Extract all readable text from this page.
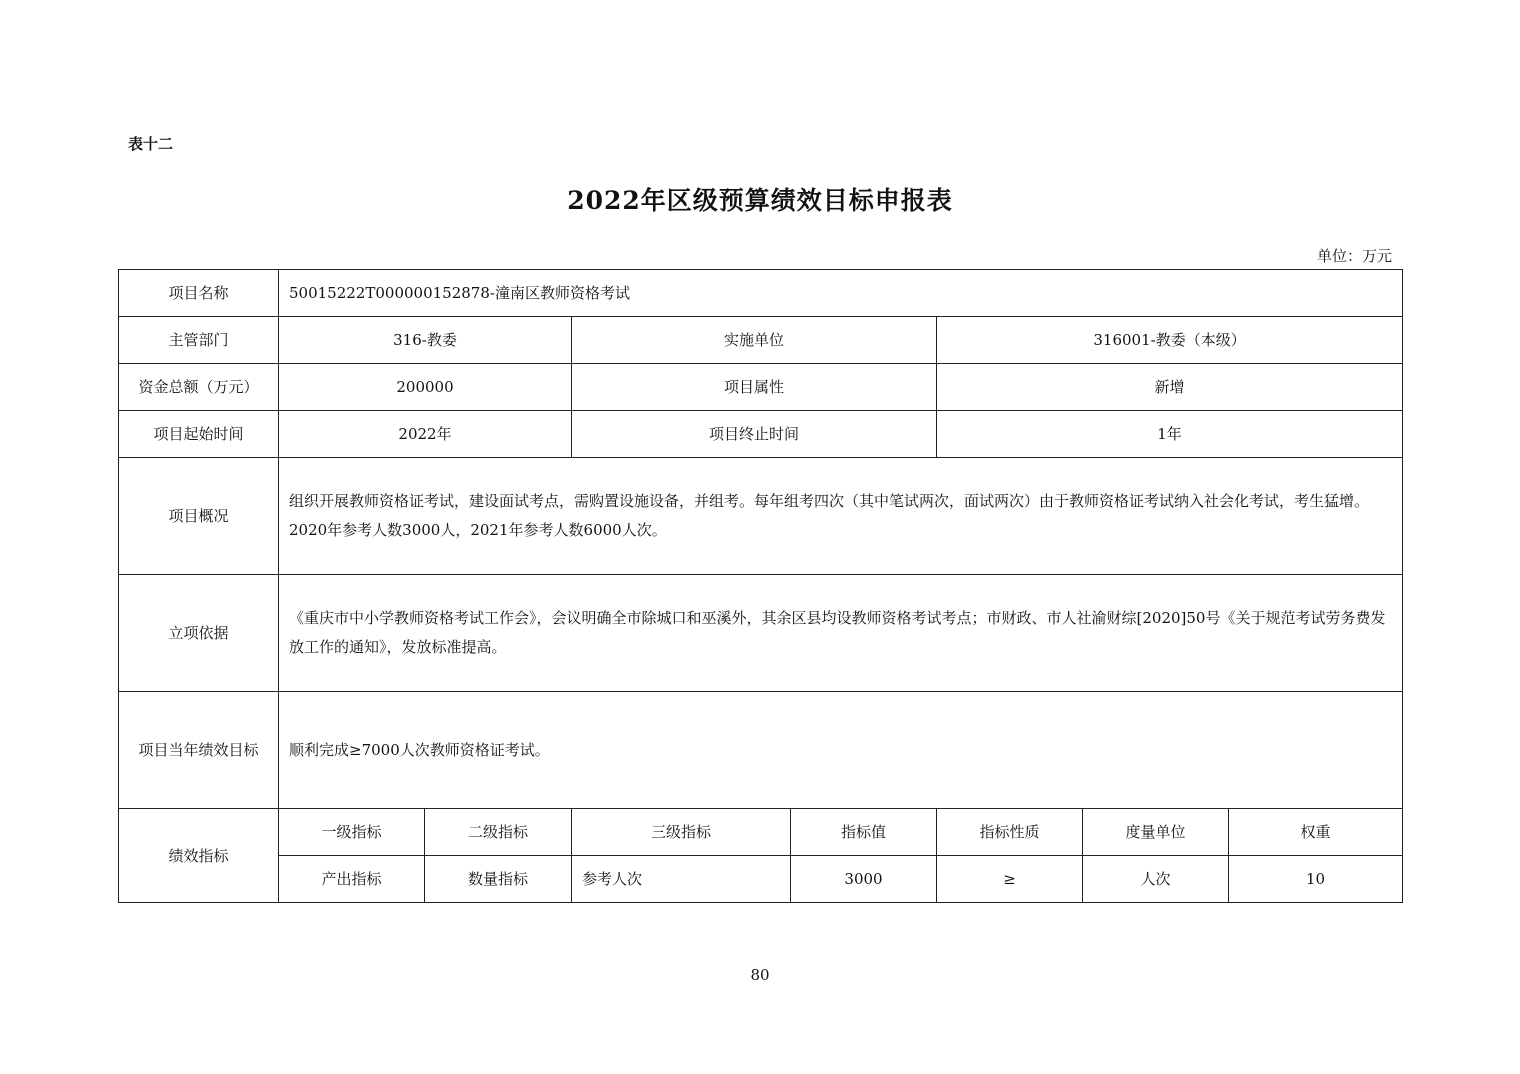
表十二
2022年区级预算绩效目标申报表
单位：万元
项目名称	50015222T000000152878-潼南区教师资格考试						
主管部门	316-教委		实施单位		316001-教委（本级）		
资金总额（万元）	200000		项目属性		新增		
项目起始时间	2022年		项目终止时间		1年		
项目概况	组织开展教师资格证考试，建设面试考点，需购置设施设备，并组考。每年组考四次（其中笔试两次，面试两次）由于教师资格证考试纳入社会化考试，考生猛增。2020年参考人数3000人，2021年参考人数6000人次。						
立项依据	《重庆市中小学教师资格考试工作会》，会议明确全市除城口和巫溪外，其余区县均设教师资格考试考点；市财政、市人社渝财综[2020]50号《关于规范考试劳务费发放工作的通知》，发放标准提高。						
项目当年绩效目标	顺利完成≥7000人次教师资格证考试。						
绩效指标	一级指标	二级指标	三级指标	指标值	指标性质	度量单位	权重
	产出指标	数量指标	参考人次	3000	≥	人次	10
80
